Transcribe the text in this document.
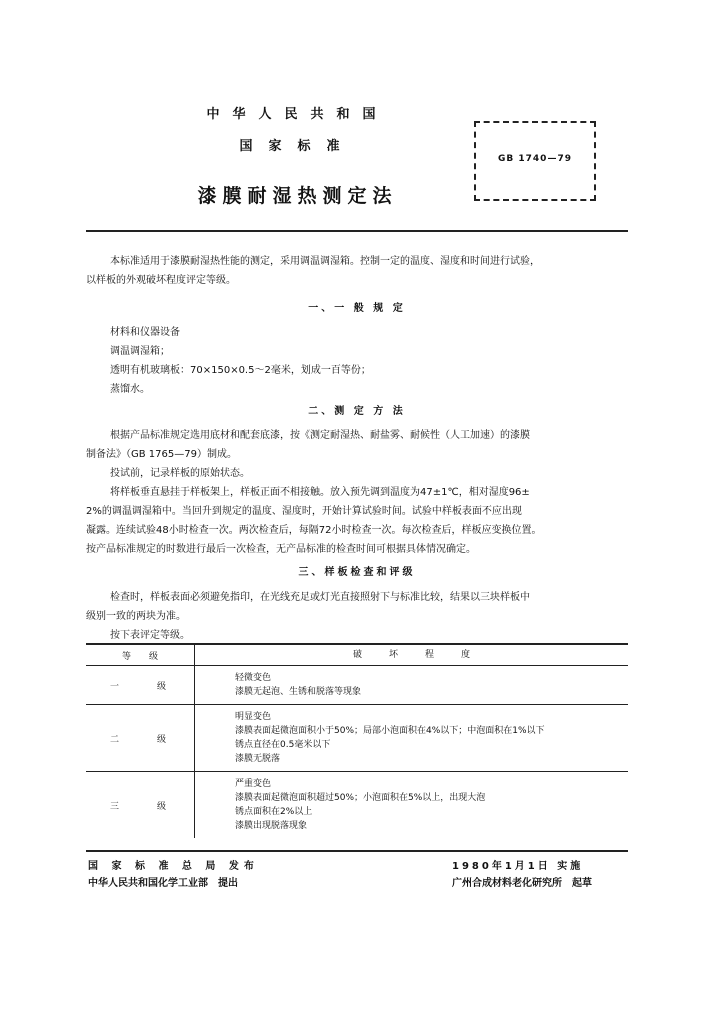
中华人民共和国
国家标准
漆膜耐湿热测定法
GB 1740—79
本标准适用于漆膜耐湿热性能的测定，采用调温调湿箱。控制一定的温度、湿度和时间进行试验，
以样板的外观破坏程度评定等级。
一、一 般 规 定
材料和仪器设备
调温调湿箱；
透明有机玻璃板：70×150×0.5～2毫米，划成一百等份；
蒸馏水。
二、测 定 方 法
根据产品标准规定选用底材和配套底漆，按《测定耐湿热、耐盐雾、耐候性（人工加速）的漆膜
制备法》（GB 1765—79）制成。
投试前，记录样板的原始状态。
将样板垂直悬挂于样板架上，样板正面不相接触。放入预先调到温度为47±1℃，相对湿度96±
2%的调温调湿箱中。当回升到规定的温度、湿度时，开始计算试验时间。试验中样板表面不应出现
凝露。连续试验48小时检查一次。两次检查后，每隔72小时检查一次。每次检查后，样板应变换位置。
按产品标准规定的时数进行最后一次检查，无产品标准的检查时间可根据具体情况确定。
三、样板检查和评级
检查时，样板表面必须避免指印，在光线充足或灯光直接照射下与标准比较，结果以三块样板中
级别一致的两块为准。
按下表评定等级。
等　　级	破　　　坏　　　程　　　度
一 级	轻微变色
漆膜无起泡、生锈和脱落等现象

二 级	明显变色
漆膜表面起微泡面积小于50%；局部小泡面积在4%以下；中泡面积在1%以下
锈点直径在0.5毫米以下
漆膜无脱落

三 级	严重变色
漆膜表面起微泡面积超过50%；小泡面积在5%以上，出现大泡
锈点面积在2%以上
漆膜出现脱落现象
国 家 标 准 总 局 发布
中华人民共和国化学工业部　提出
1980年1月1日 实施
广州合成材料老化研究所　起草
